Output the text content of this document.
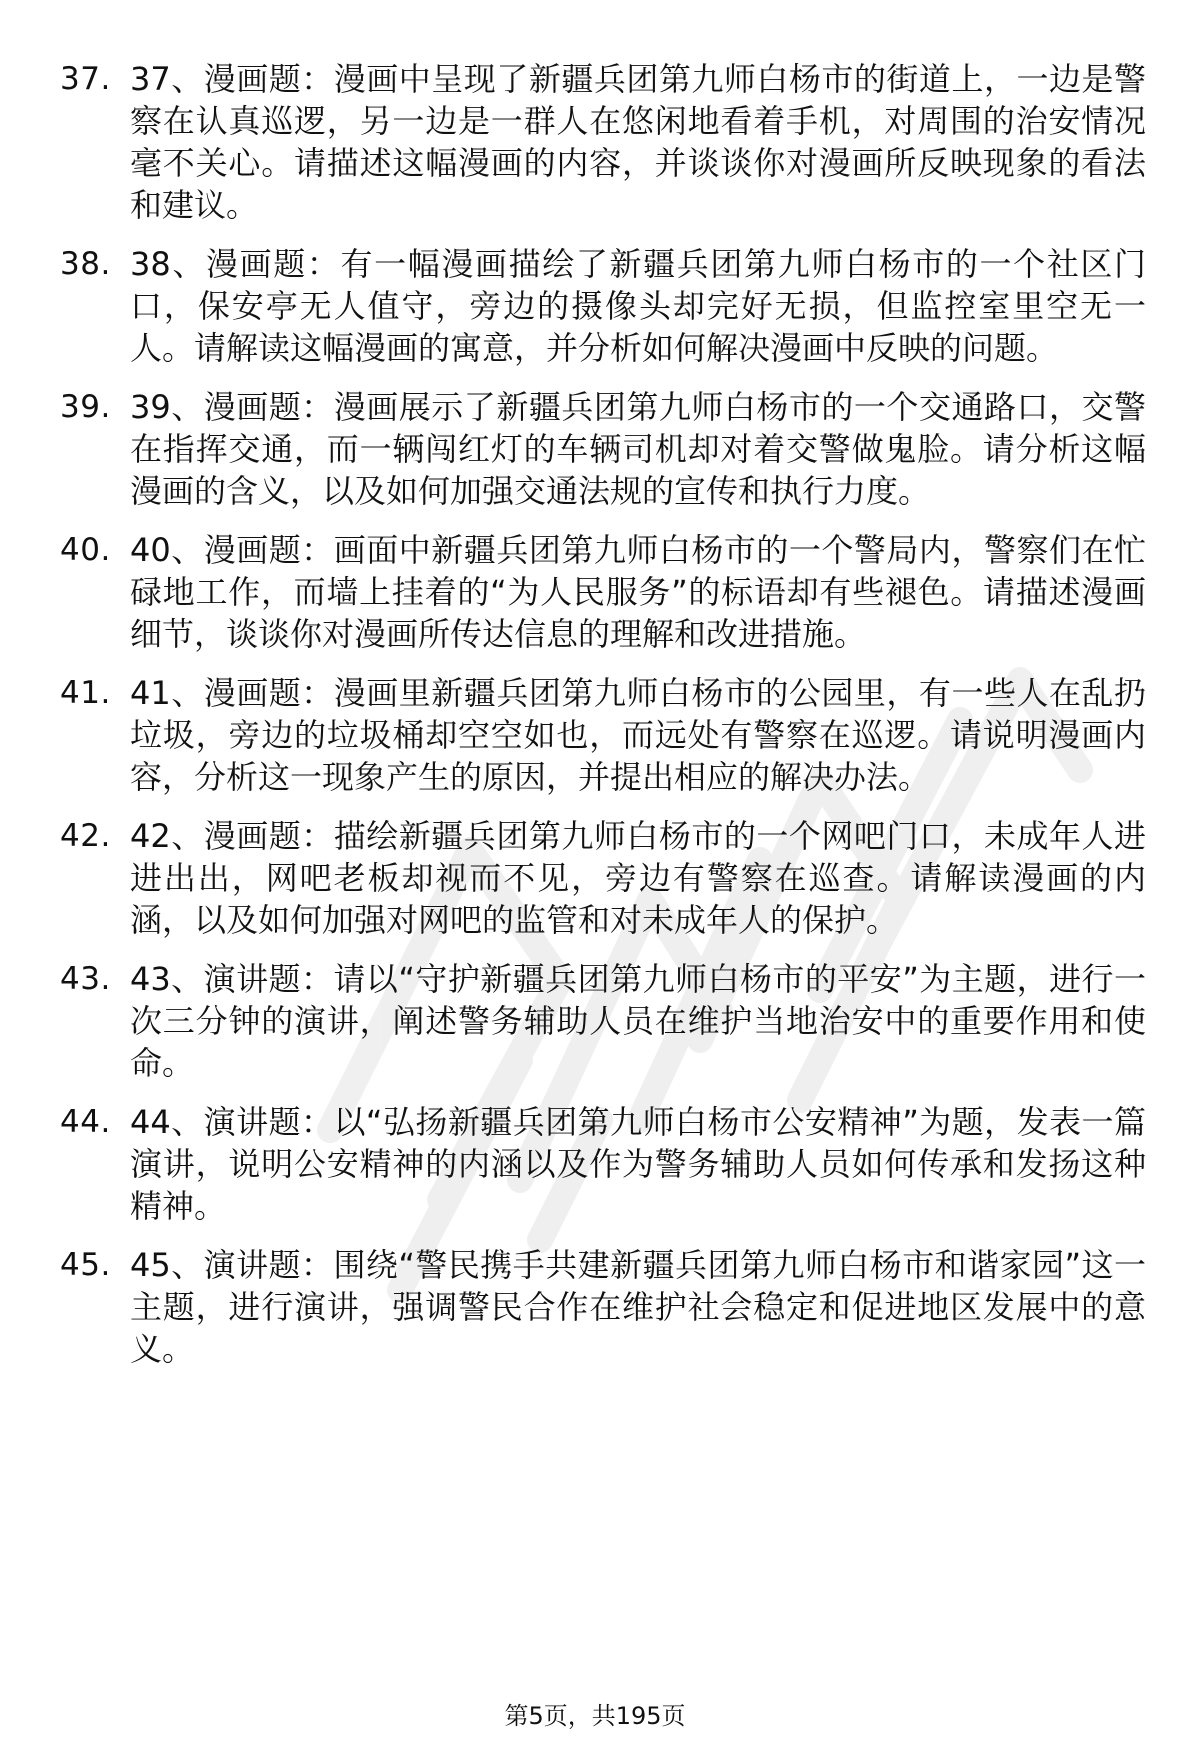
37. 37、漫画题：漫画中呈现了新疆兵团第九师白杨市的街道上，一边是警察在认真巡逻，另一边是一群人在悠闲地看着手机，对周围的治安情况毫不关心。请描述这幅漫画的内容，并谈谈你对漫画所反映现象的看法和建议。
38. 38、漫画题：有一幅漫画描绘了新疆兵团第九师白杨市的一个社区门口，保安亭无人值守，旁边的摄像头却完好无损，但监控室里空无一人。请解读这幅漫画的寓意，并分析如何解决漫画中反映的问题。
39. 39、漫画题：漫画展示了新疆兵团第九师白杨市的一个交通路口，交警在指挥交通，而一辆闯红灯的车辆司机却对着交警做鬼脸。请分析这幅漫画的含义，以及如何加强交通法规的宣传和执行力度。
40. 40、漫画题：画面中新疆兵团第九师白杨市的一个警局内，警察们在忙碌地工作，而墙上挂着的“为人民服务”的标语却有些褪色。请描述漫画细节，谈谈你对漫画所传达信息的理解和改进措施。
41. 41、漫画题：漫画里新疆兵团第九师白杨市的公园里，有一些人在乱扔垃圾，旁边的垃圾桶却空空如也，而远处有警察在巡逻。请说明漫画内容，分析这一现象产生的原因，并提出相应的解决办法。
42. 42、漫画题：描绘新疆兵团第九师白杨市的一个网吧门口，未成年人进进出出，网吧老板却视而不见，旁边有警察在巡查。请解读漫画的内涵，以及如何加强对网吧的监管和对未成年人的保护。
43. 43、演讲题：请以“守护新疆兵团第九师白杨市的平安”为主题，进行一次三分钟的演讲，阐述警务辅助人员在维护当地治安中的重要作用和使命。
44. 44、演讲题：以“弘扬新疆兵团第九师白杨市公安精神”为题，发表一篇演讲，说明公安精神的内涵以及作为警务辅助人员如何传承和发扬这种精神。
45. 45、演讲题：围绕“警民携手共建新疆兵团第九师白杨市和谐家园”这一主题，进行演讲，强调警民合作在维护社会稳定和促进地区发展中的意义。
第5页，共195页
